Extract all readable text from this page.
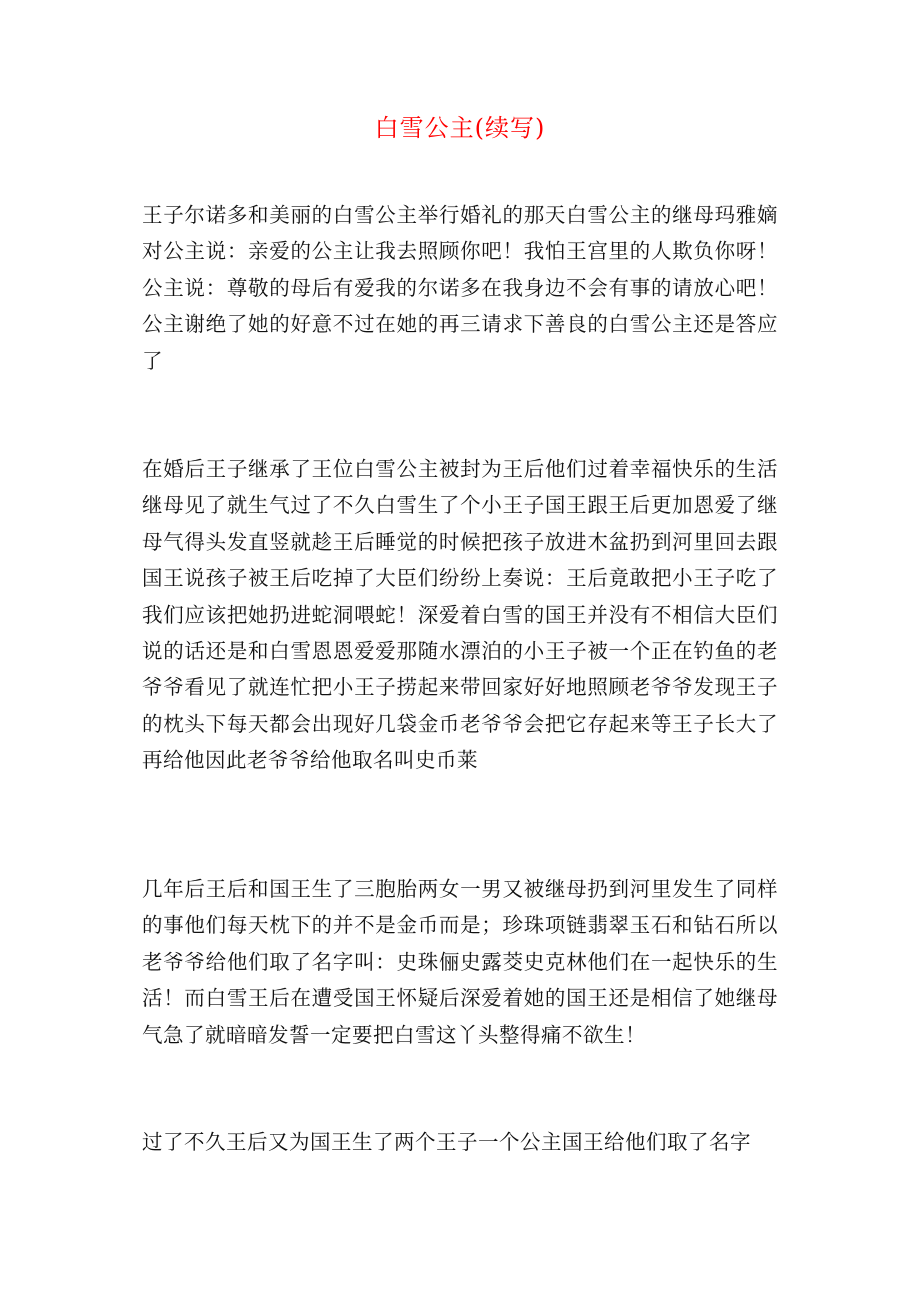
白雪公主(续写)

王子尔诺多和美丽的白雪公主举行婚礼的那天白雪公主的继母玛雅嫡对公主说：亲爱的公主让我去照顾你吧！我怕王宫里的人欺负你呀！公主说：尊敬的母后有爱我的尔诺多在我身边不会有事的请放心吧！公主谢绝了她的好意不过在她的再三请求下善良的白雪公主还是答应了

在婚后王子继承了王位白雪公主被封为王后他们过着幸福快乐的生活继母见了就生气过了不久白雪生了个小王子国王跟王后更加恩爱了继母气得头发直竖就趁王后睡觉的时候把孩子放进木盆扔到河里回去跟国王说孩子被王后吃掉了大臣们纷纷上奏说：王后竟敢把小王子吃了我们应该把她扔进蛇洞喂蛇！深爱着白雪的国王并没有不相信大臣们说的话还是和白雪恩恩爱爱那随水漂泊的小王子被一个正在钓鱼的老爷爷看见了就连忙把小王子捞起来带回家好好地照顾老爷爷发现王子的枕头下每天都会出现好几袋金币老爷爷会把它存起来等王子长大了再给他因此老爷爷给他取名叫史币莱

几年后王后和国王生了三胞胎两女一男又被继母扔到河里发生了同样的事他们每天枕下的并不是金币而是；珍珠项链翡翠玉石和钻石所以老爷爷给他们取了名字叫：史珠俪史露茭史克林他们在一起快乐的生活！而白雪王后在遭受国王怀疑后深爱着她的国王还是相信了她继母气急了就暗暗发誓一定要把白雪这丫头整得痛不欲生！

过了不久王后又为国王生了两个王子一个公主国王给他们取了名字
